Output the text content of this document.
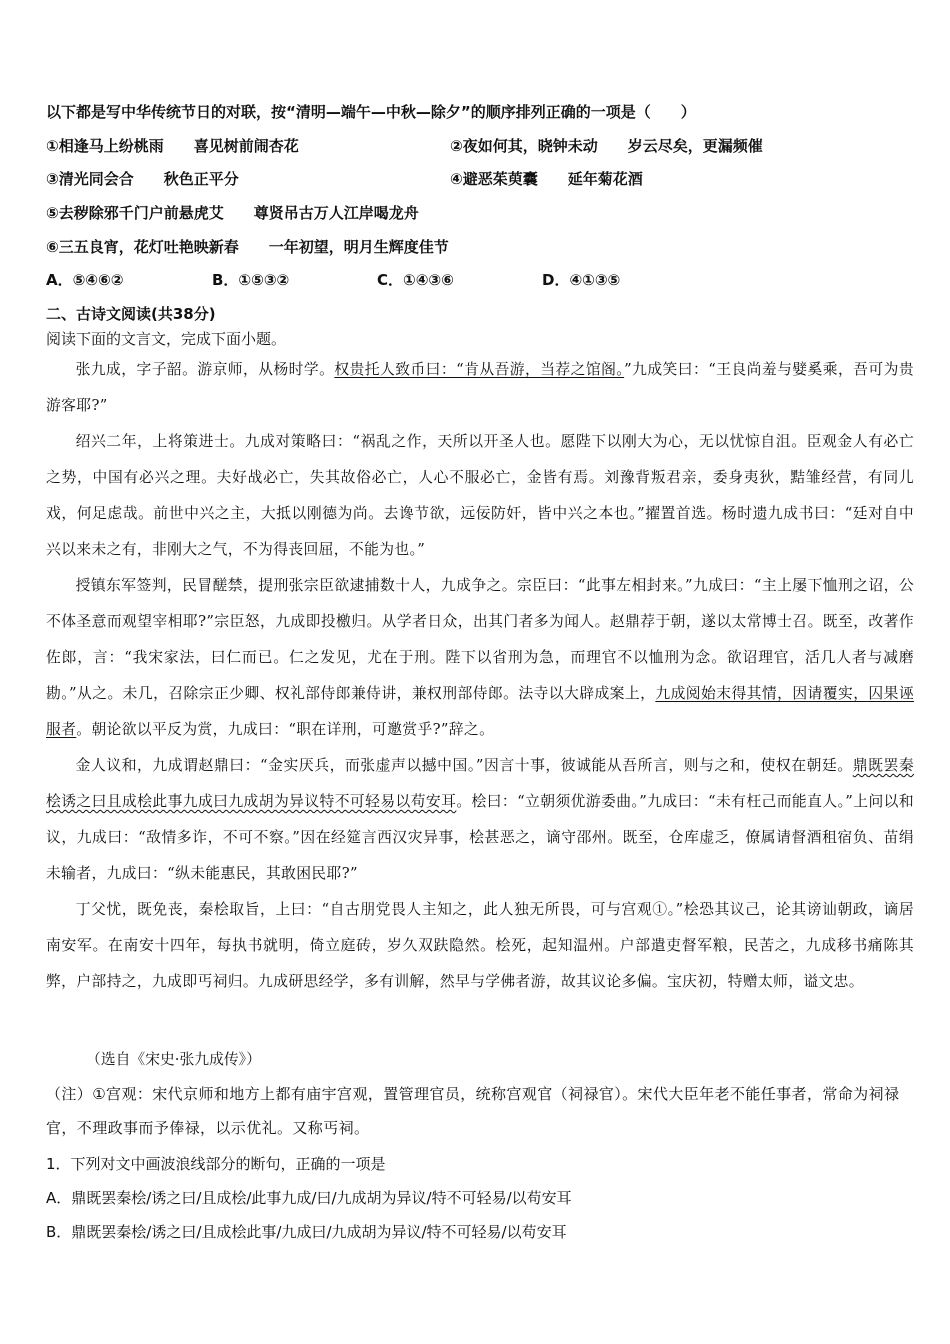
以下都是写中华传统节日的对联，按“清明—端午—中秋—除夕”的顺序排列正确的一项是（　　）
①相逢马上纷桃雨　　喜见树前闹杏花	②夜如何其，晓钟未动　　岁云尽矣，更漏频催
③清光同会合　　秋色正平分	④避恶茱萸囊　　延年菊花酒
⑤去秽除邪千门户前悬虎艾　　尊贤吊古万人江岸喝龙舟
⑥三五良宵，花灯吐艳映新春　　一年初望，明月生辉度佳节
A．⑤④⑥②	B．①⑤③②	C．①④③⑥	D．④①③⑤
二、古诗文阅读(共38分)
阅读下面的文言文，完成下面小题。
张九成，字子韶。游京师，从杨时学。权贵托人致币曰：“肯从吾游，当荐之馆阁。”九成笑曰：“王良尚羞与嬖奚乘，吾可为贵游客耶?”
绍兴二年，上将策进士。九成对策略曰：“祸乱之作，天所以开圣人也。愿陛下以刚大为心，无以忧惊自沮。臣观金人有必亡之势，中国有必兴之理。夫好战必亡，失其故俗必亡，人心不服必亡，金皆有焉。刘豫背叛君亲，委身夷狄，黠雏经营，有同儿戏，何足虑哉。前世中兴之主，大抵以刚德为尚。去谗节欲，远佞防奸，皆中兴之本也。”擢置首选。杨时遗九成书曰：“廷对自中兴以来未之有，非刚大之气，不为得丧回屈，不能为也。”
授镇东军签判，民冒醝禁，提刑张宗臣欲逮捕数十人，九成争之。宗臣曰：“此事左相封来。”九成曰：“主上屡下恤刑之诏，公不体圣意而观望宰相耶?”宗臣怒，九成即投檄归。从学者日众，出其门者多为闻人。赵鼎荐于朝，遂以太常博士召。既至，改著作佐郎，言：“我宋家法，曰仁而已。仁之发见，尤在于刑。陛下以省刑为急，而理官不以恤刑为念。欲诏理官，活几人者与减磨勘。”从之。未几，召除宗正少卿、权礼部侍郎兼侍讲，兼权刑部侍郎。法寺以大辟成案上，九成阅始末得其情，因请覆实，囚果诬服者。朝论欲以平反为赏，九成曰：“职在详刑，可邀赏乎?”辞之。
金人议和，九成谓赵鼎曰：“金实厌兵，而张虚声以撼中国。”因言十事，彼诚能从吾所言，则与之和，使权在朝廷。鼎既罢秦桧诱之曰且成桧此事九成曰九成胡为异议特不可轻易以苟安耳。桧曰：“立朝须优游委曲。”九成曰：“未有枉己而能直人。”上问以和议，九成曰：“敌情多诈，不可不察。”因在经筵言西汉灾异事，桧甚恶之，谪守邵州。既至，仓库虚乏，僚属请督酒租宿负、苗绢未输者，九成曰：“纵未能惠民，其敢困民耶?”
丁父忧，既免丧，秦桧取旨，上曰：“自古朋党畏人主知之，此人独无所畏，可与宫观①。”桧恐其议己，论其谤讪朝政，谪居南安军。在南安十四年，每执书就明，倚立庭砖，岁久双趺隐然。桧死，起知温州。户部遣吏督军粮，民苦之，九成移书痛陈其弊，户部持之，九成即丐祠归。九成研思经学，多有训解，然早与学佛者游，故其议论多偏。宝庆初，特赠太师，谥文忠。
（选自《宋史·张九成传》）
（注）①宫观：宋代京师和地方上都有庙宇宫观，置管理官员，统称宫观官（祠禄官）。宋代大臣年老不能任事者，常命为祠禄官，不理政事而予俸禄，以示优礼。又称丐祠。
1．下列对文中画波浪线部分的断句，正确的一项是
A．鼎既罢秦桧/诱之曰/且成桧/此事九成/曰/九成胡为异议/特不可轻易/以苟安耳
B．鼎既罢秦桧/诱之曰/且成桧此事/九成曰/九成胡为异议/特不可轻易/以苟安耳
